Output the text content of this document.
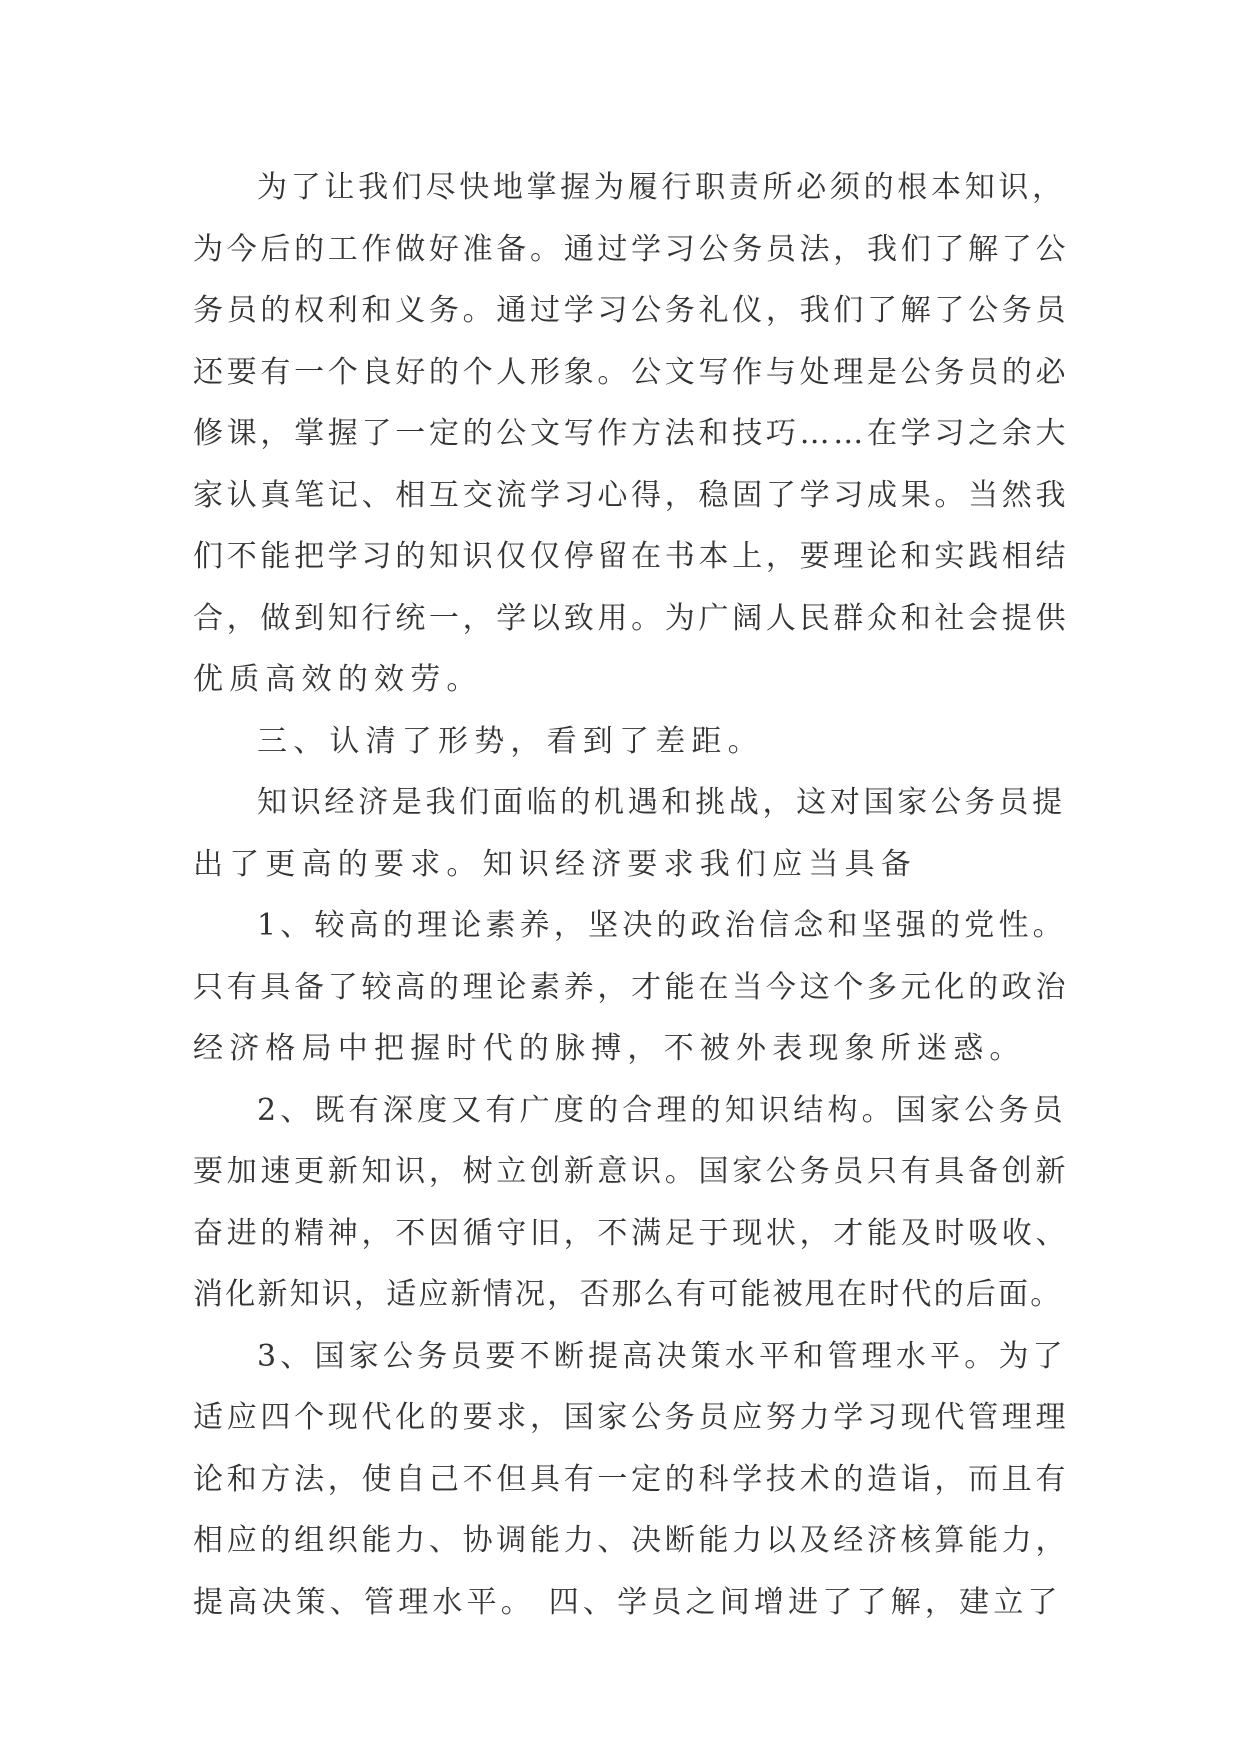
为了让我们尽快地掌握为履行职责所必须的根本知识，
为今后的工作做好准备。通过学习公务员法，我们了解了公
务员的权利和义务。通过学习公务礼仪，我们了解了公务员
还要有一个良好的个人形象。公文写作与处理是公务员的必
修课，掌握了一定的公文写作方法和技巧……在学习之余大
家认真笔记、相互交流学习心得，稳固了学习成果。当然我
们不能把学习的知识仅仅停留在书本上，要理论和实践相结
合，做到知行统一，学以致用。为广阔人民群众和社会提供
优质高效的效劳。
三、认清了形势，看到了差距。
知识经济是我们面临的机遇和挑战，这对国家公务员提
出了更高的要求。知识经济要求我们应当具备
1、较高的理论素养，坚决的政治信念和坚强的党性。
只有具备了较高的理论素养，才能在当今这个多元化的政治
经济格局中把握时代的脉搏，不被外表现象所迷惑。
2、既有深度又有广度的合理的知识结构。国家公务员
要加速更新知识，树立创新意识。国家公务员只有具备创新
奋进的精神，不因循守旧，不满足于现状，才能及时吸收、
消化新知识，适应新情况，否那么有可能被甩在时代的后面。
3、国家公务员要不断提高决策水平和管理水平。为了
适应四个现代化的要求，国家公务员应努力学习现代管理理
论和方法，使自己不但具有一定的科学技术的造诣，而且有
相应的组织能力、协调能力、决断能力以及经济核算能力，
提高决策、管理水平。 四、学员之间增进了了解，建立了
